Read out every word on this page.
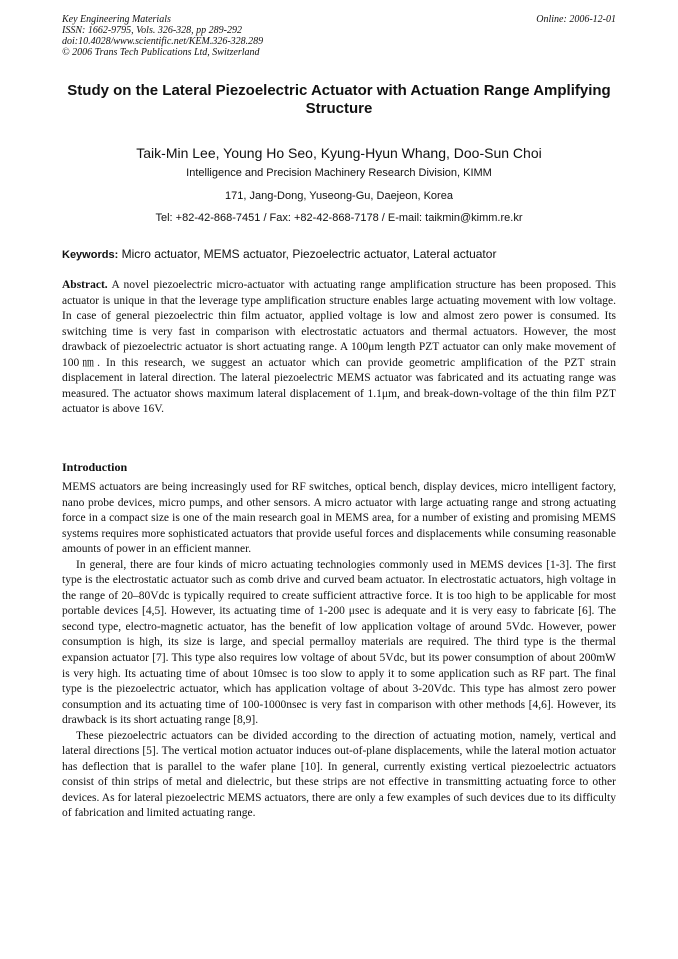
Key Engineering Materials
ISSN: 1662-9795, Vols. 326-328, pp 289-292
doi:10.4028/www.scientific.net/KEM.326-328.289
© 2006 Trans Tech Publications Ltd, Switzerland
Online: 2006-12-01
Study on the Lateral Piezoelectric Actuator with Actuation Range Amplifying Structure
Taik-Min Lee, Young Ho Seo, Kyung-Hyun Whang, Doo-Sun Choi
Intelligence and Precision Machinery Research Division, KIMM
171, Jang-Dong, Yuseong-Gu, Daejeon, Korea
Tel: +82-42-868-7451 / Fax: +82-42-868-7178 / E-mail: taikmin@kimm.re.kr
Keywords: Micro actuator, MEMS actuator, Piezoelectric actuator, Lateral actuator

Abstract. A novel piezoelectric micro-actuator with actuating range amplification structure has been proposed. This actuator is unique in that the leverage type amplification structure enables large actuating movement with low voltage. In case of general piezoelectric thin film actuator, applied voltage is low and almost zero power is consumed. Its switching time is very fast in comparison with electrostatic actuators and thermal actuators. However, the most drawback of piezoelectric actuator is short actuating range. A 100μm length PZT actuator can only make movement of 100㎚. In this research, we suggest an actuator which can provide geometric amplification of the PZT strain displacement in lateral direction. The lateral piezoelectric MEMS actuator was fabricated and its actuating range was measured. The actuator shows maximum lateral displacement of 1.1μm, and break-down-voltage of the thin film PZT actuator is above 16V.

Introduction

MEMS actuators are being increasingly used for RF switches, optical bench, display devices, micro intelligent factory, nano probe devices, micro pumps, and other sensors. A micro actuator with large actuating range and strong actuating force in a compact size is one of the main research goal in MEMS area, for a number of existing and promising MEMS systems requires more sophisticated actuators that provide useful forces and displacements while consuming reasonable amounts of power in an efficient manner.

In general, there are four kinds of micro actuating technologies commonly used in MEMS devices [1-3]. The first type is the electrostatic actuator such as comb drive and curved beam actuator. In electrostatic actuators, high voltage in the range of 20–80Vdc is typically required to create sufficient attractive force. It is too high to be applicable for most portable devices [4,5]. However, its actuating time of 1-200 μsec is adequate and it is very easy to fabricate [6]. The second type, electro-magnetic actuator, has the benefit of low application voltage of around 5Vdc. However, power consumption is high, its size is large, and special permalloy materials are required. The third type is the thermal expansion actuator [7]. This type also requires low voltage of about 5Vdc, but its power consumption of about 200mW is very high. Its actuating time of about 10msec is too slow to apply it to some application such as RF part. The final type is the piezoelectric actuator, which has application voltage of about 3-20Vdc. This type has almost zero power consumption and its actuating time of 100-1000nsec is very fast in comparison with other methods [4,6]. However, its drawback is its short actuating range [8,9].

These piezoelectric actuators can be divided according to the direction of actuating motion, namely, vertical and lateral directions [5]. The vertical motion actuator induces out-of-plane displacements, while the lateral motion actuator has deflection that is parallel to the wafer plane [10]. In general, currently existing vertical piezoelectric actuators consist of thin strips of metal and dielectric, but these strips are not effective in transmitting actuating force to other devices. As for lateral piezoelectric MEMS actuators, there are only a few examples of such devices due to its difficulty of fabrication and limited actuating range.
